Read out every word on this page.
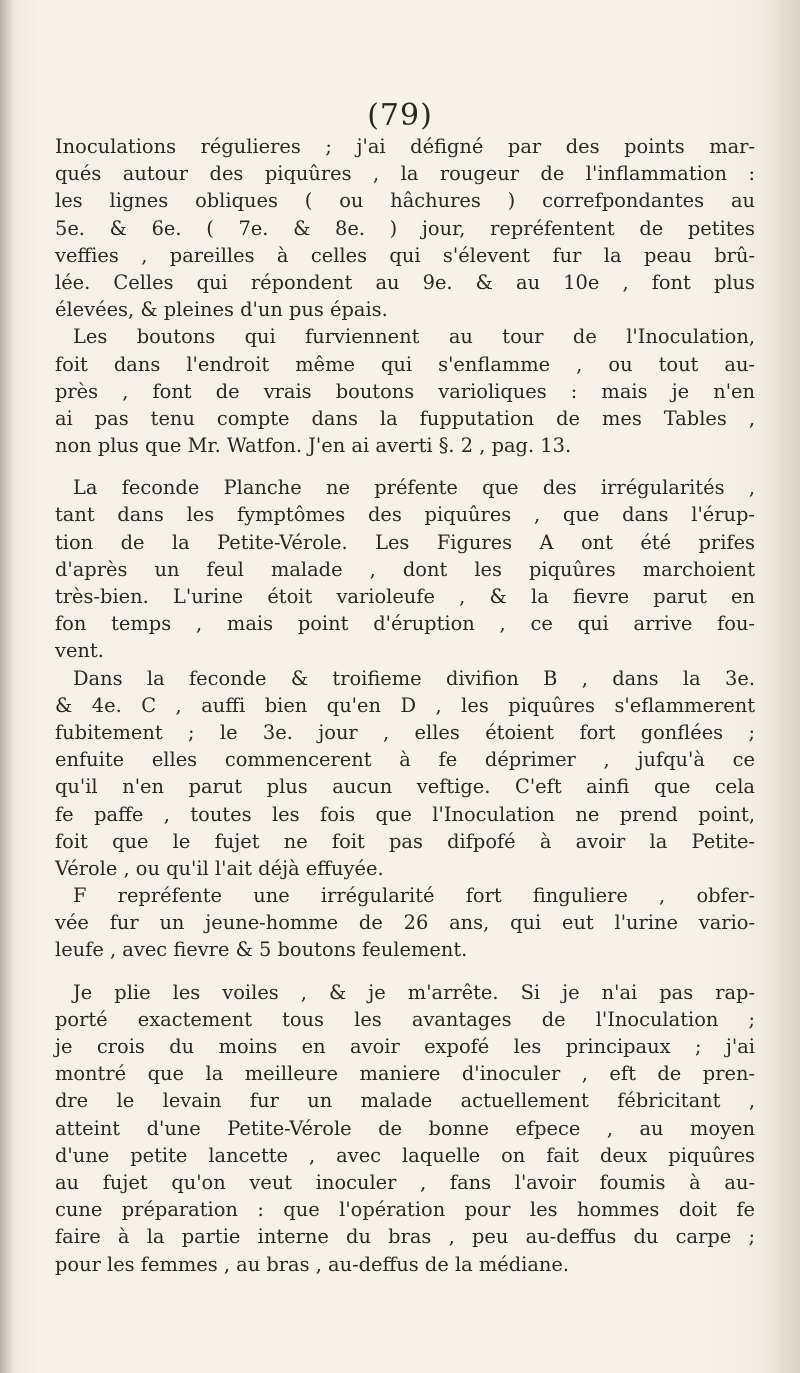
(79)
Inoculations régulieres ; j'ai défigné par des points mar-
qués autour des piquûres , la rougeur de l'inflammation :
les lignes obliques ( ou hâchures ) correfpondantes au
5e. & 6e. ( 7e. & 8e. ) jour, repréfentent de petites
veffies , pareilles à celles qui s'élevent fur la peau brû-
lée. Celles qui répondent au 9e. & au 10e , font plus
élevées, & pleines d'un pus épais.
Les boutons qui furviennent au tour de l'Inoculation,
foit dans l'endroit même qui s'enflamme , ou tout au-
près , font de vrais boutons varioliques : mais je n'en
ai pas tenu compte dans la fupputation de mes Tables ,
non plus que Mr. Watfon. J'en ai averti §. 2 , pag. 13.
La feconde Planche ne préfente que des irrégularités ,
tant dans les fymptômes des piquûres , que dans l'érup-
tion de la Petite-Vérole. Les Figures A ont été prifes
d'après un feul malade , dont les piquûres marchoient
très-bien. L'urine étoit varioleufe , & la fievre parut en
fon temps , mais point d'éruption , ce qui arrive fou-
vent.
Dans la feconde & troifieme divifion B , dans la 3e.
& 4e. C , auffi bien qu'en D , les piquûres s'eflammerent
fubitement ; le 3e. jour , elles étoient fort gonflées ;
enfuite elles commencerent à fe déprimer , jufqu'à ce
qu'il n'en parut plus aucun veftige. C'eft ainfi que cela
fe paffe , toutes les fois que l'Inoculation ne prend point,
foit que le fujet ne foit pas difpofé à avoir la Petite-
Vérole , ou qu'il l'ait déjà effuyée.
F repréfente une irrégularité fort finguliere , obfer-
vée fur un jeune-homme de 26 ans, qui eut l'urine vario-
leufe , avec fievre & 5 boutons feulement.
Je plie les voiles , & je m'arrête. Si je n'ai pas rap-
porté exactement tous les avantages de l'Inoculation ;
je crois du moins en avoir expofé les principaux ; j'ai
montré que la meilleure maniere d'inoculer , eft de pren-
dre le levain fur un malade actuellement fébricitant ,
atteint d'une Petite-Vérole de bonne efpece , au moyen
d'une petite lancette , avec laquelle on fait deux piquûres
au fujet qu'on veut inoculer , fans l'avoir foumis à au-
cune préparation : que l'opération pour les hommes doit fe
faire à la partie interne du bras , peu au-deffus du carpe ;
pour les femmes , au bras , au-deffus de la médiane.
